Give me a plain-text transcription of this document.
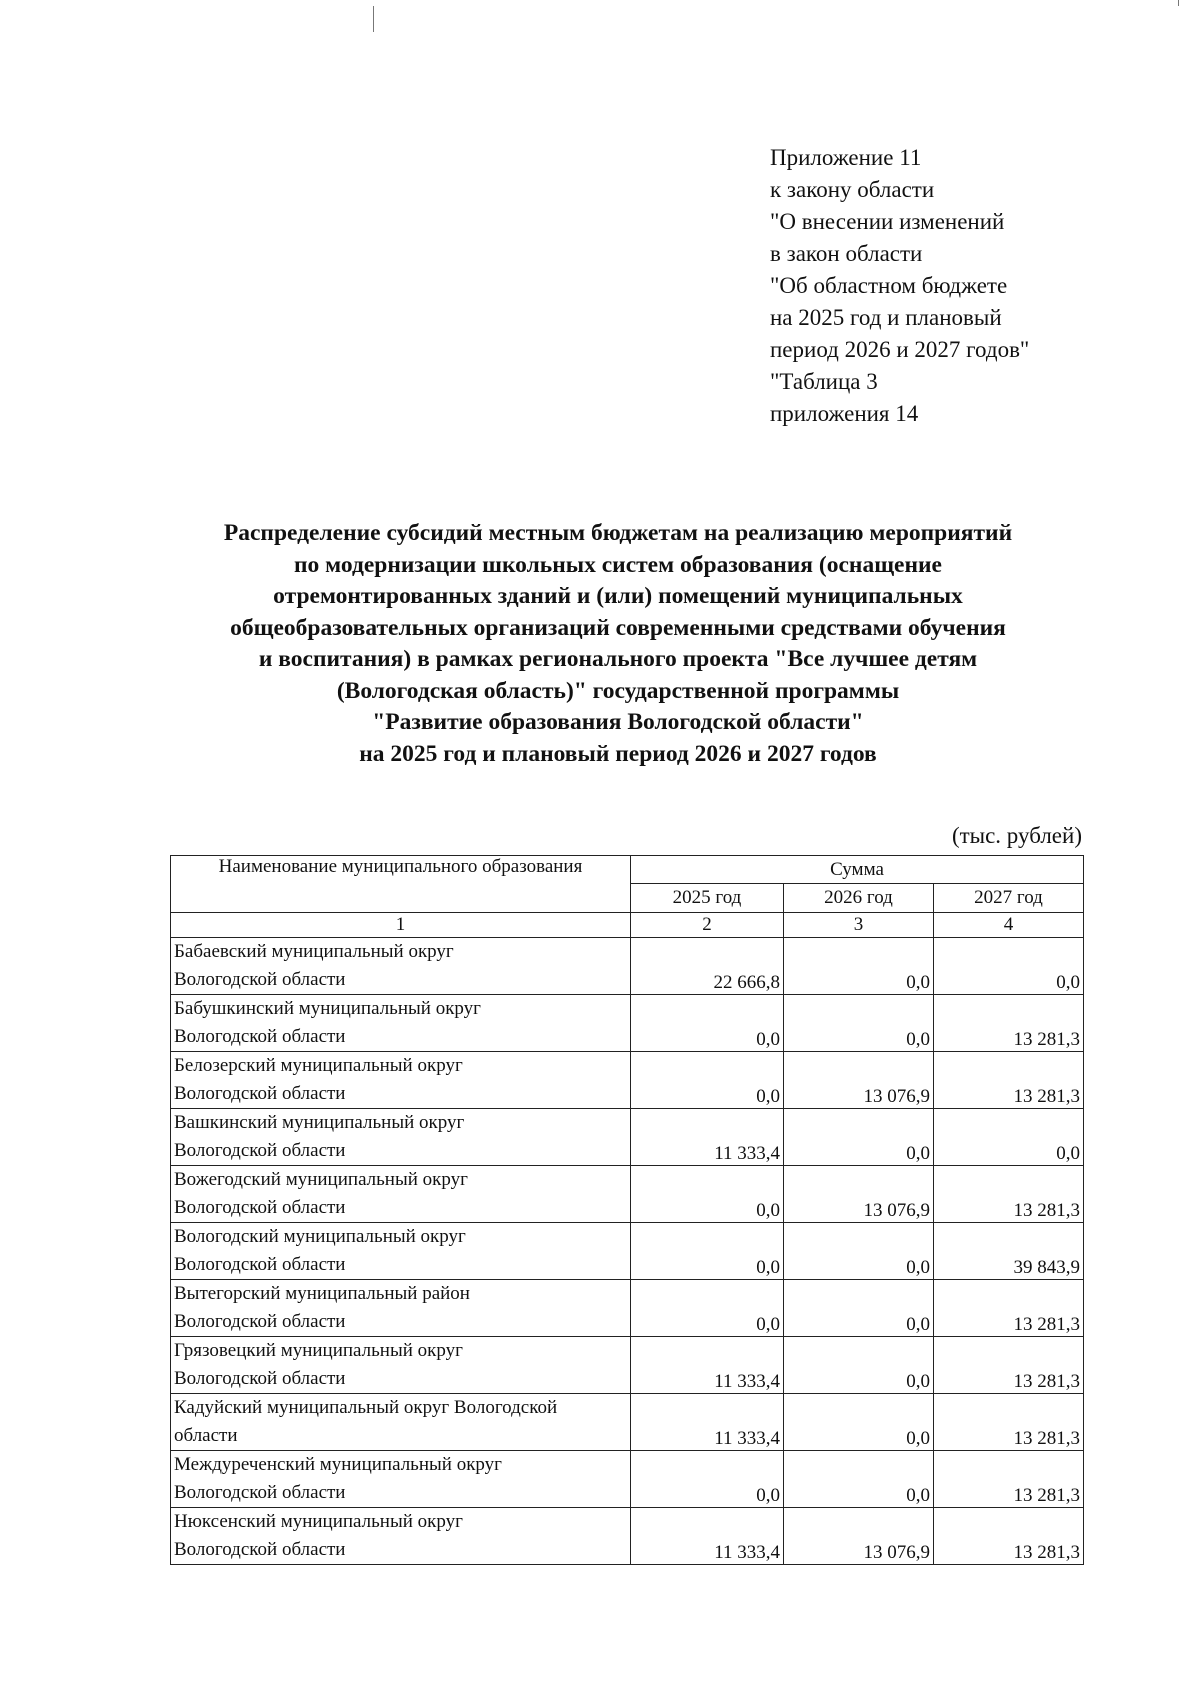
Приложение 11
к закону области
"О внесении изменений
в закон области
"Об областном бюджете
на 2025 год и плановый
период 2026 и 2027 годов"
"Таблица 3
приложения 14
Распределение субсидий местным бюджетам на реализацию мероприятий
по модернизации школьных систем образования (оснащение
отремонтированных зданий и (или) помещений муниципальных
общеобразовательных организаций современными средствами обучения
и воспитания) в рамках регионального проекта "Все лучшее детям
(Вологодская область)" государственной программы
"Развитие образования Вологодской области"
на 2025 год и плановый период 2026 и 2027 годов
(тыс. рублей)
Наименование муниципального образования	Сумма		
	2025 год	2026 год	2027 год
1	2	3	4

Бабаевский муниципальный округ
Вологодской области	22 666,8	0,0	0,0

Бабушкинский муниципальный округ
Вологодской области	0,0	0,0	13 281,3

Белозерский муниципальный округ
Вологодской области	0,0	13 076,9	13 281,3

Вашкинский муниципальный округ
Вологодской области	11 333,4	0,0	0,0

Вожегодский муниципальный округ
Вологодской области	0,0	13 076,9	13 281,3

Вологодский муниципальный округ
Вологодской области	0,0	0,0	39 843,9

Вытегорский муниципальный район
Вологодской области	0,0	0,0	13 281,3

Грязовецкий муниципальный округ
Вологодской области	11 333,4	0,0	13 281,3

Кадуйский муниципальный округ Вологодской
области	11 333,4	0,0	13 281,3

Междуреченский муниципальный округ
Вологодской области	0,0	0,0	13 281,3

Нюксенский муниципальный округ
Вологодской области	11 333,4	13 076,9	13 281,3
